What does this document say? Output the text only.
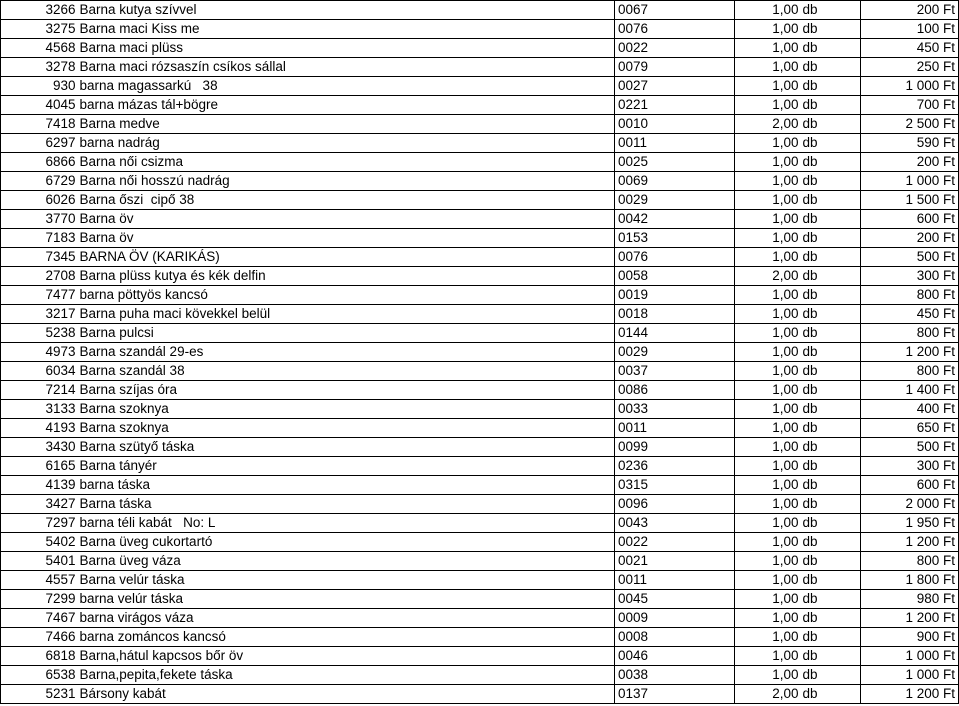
3266	Barna kutya szívvel	0067	1,00	db	200 Ft
3275	Barna maci Kiss me	0076	1,00	db	100 Ft
4568	Barna maci plüss	0022	1,00	db	450 Ft
3278	Barna maci rózsaszín csíkos sállal	0079	1,00	db	250 Ft
930	barna magassarkú   38	0027	1,00	db	1 000 Ft
4045	barna mázas tál+bögre	0221	1,00	db	700 Ft
7418	Barna medve	0010	2,00	db	2 500 Ft
6297	barna nadrág	0011	1,00	db	590 Ft
6866	Barna női csizma	0025	1,00	db	200 Ft
6729	Barna női hosszú nadrág	0069	1,00	db	1 000 Ft
6026	Barna őszi  cipő 38	0029	1,00	db	1 500 Ft
3770	Barna öv	0042	1,00	db	600 Ft
7183	Barna öv	0153	1,00	db	200 Ft
7345	BARNA ÖV (KARIKÁS)	0076	1,00	db	500 Ft
2708	Barna plüss kutya és kék delfin	0058	2,00	db	300 Ft
7477	barna pöttyös kancsó	0019	1,00	db	800 Ft
3217	Barna puha maci kövekkel belül	0018	1,00	db	450 Ft
5238	Barna pulcsi	0144	1,00	db	800 Ft
4973	Barna szandál 29-es	0029	1,00	db	1 200 Ft
6034	Barna szandál 38	0037	1,00	db	800 Ft
7214	Barna szíjas óra	0086	1,00	db	1 400 Ft
3133	Barna szoknya	0033	1,00	db	400 Ft
4193	Barna szoknya	0011	1,00	db	650 Ft
3430	Barna szütyő táska	0099	1,00	db	500 Ft
6165	Barna tányér	0236	1,00	db	300 Ft
4139	barna táska	0315	1,00	db	600 Ft
3427	Barna táska	0096	1,00	db	2 000 Ft
7297	barna téli kabát   No: L	0043	1,00	db	1 950 Ft
5402	Barna üveg cukortartó	0022	1,00	db	1 200 Ft
5401	Barna üveg váza	0021	1,00	db	800 Ft
4557	Barna velúr táska	0011	1,00	db	1 800 Ft
7299	barna velúr táska	0045	1,00	db	980 Ft
7467	barna virágos váza	0009	1,00	db	1 200 Ft
7466	barna zománcos kancsó	0008	1,00	db	900 Ft
6818	Barna,hátul kapcsos bőr öv	0046	1,00	db	1 000 Ft
6538	Barna,pepita,fekete táska	0038	1,00	db	1 000 Ft
5231	Bársony kabát	0137	2,00	db	1 200 Ft
